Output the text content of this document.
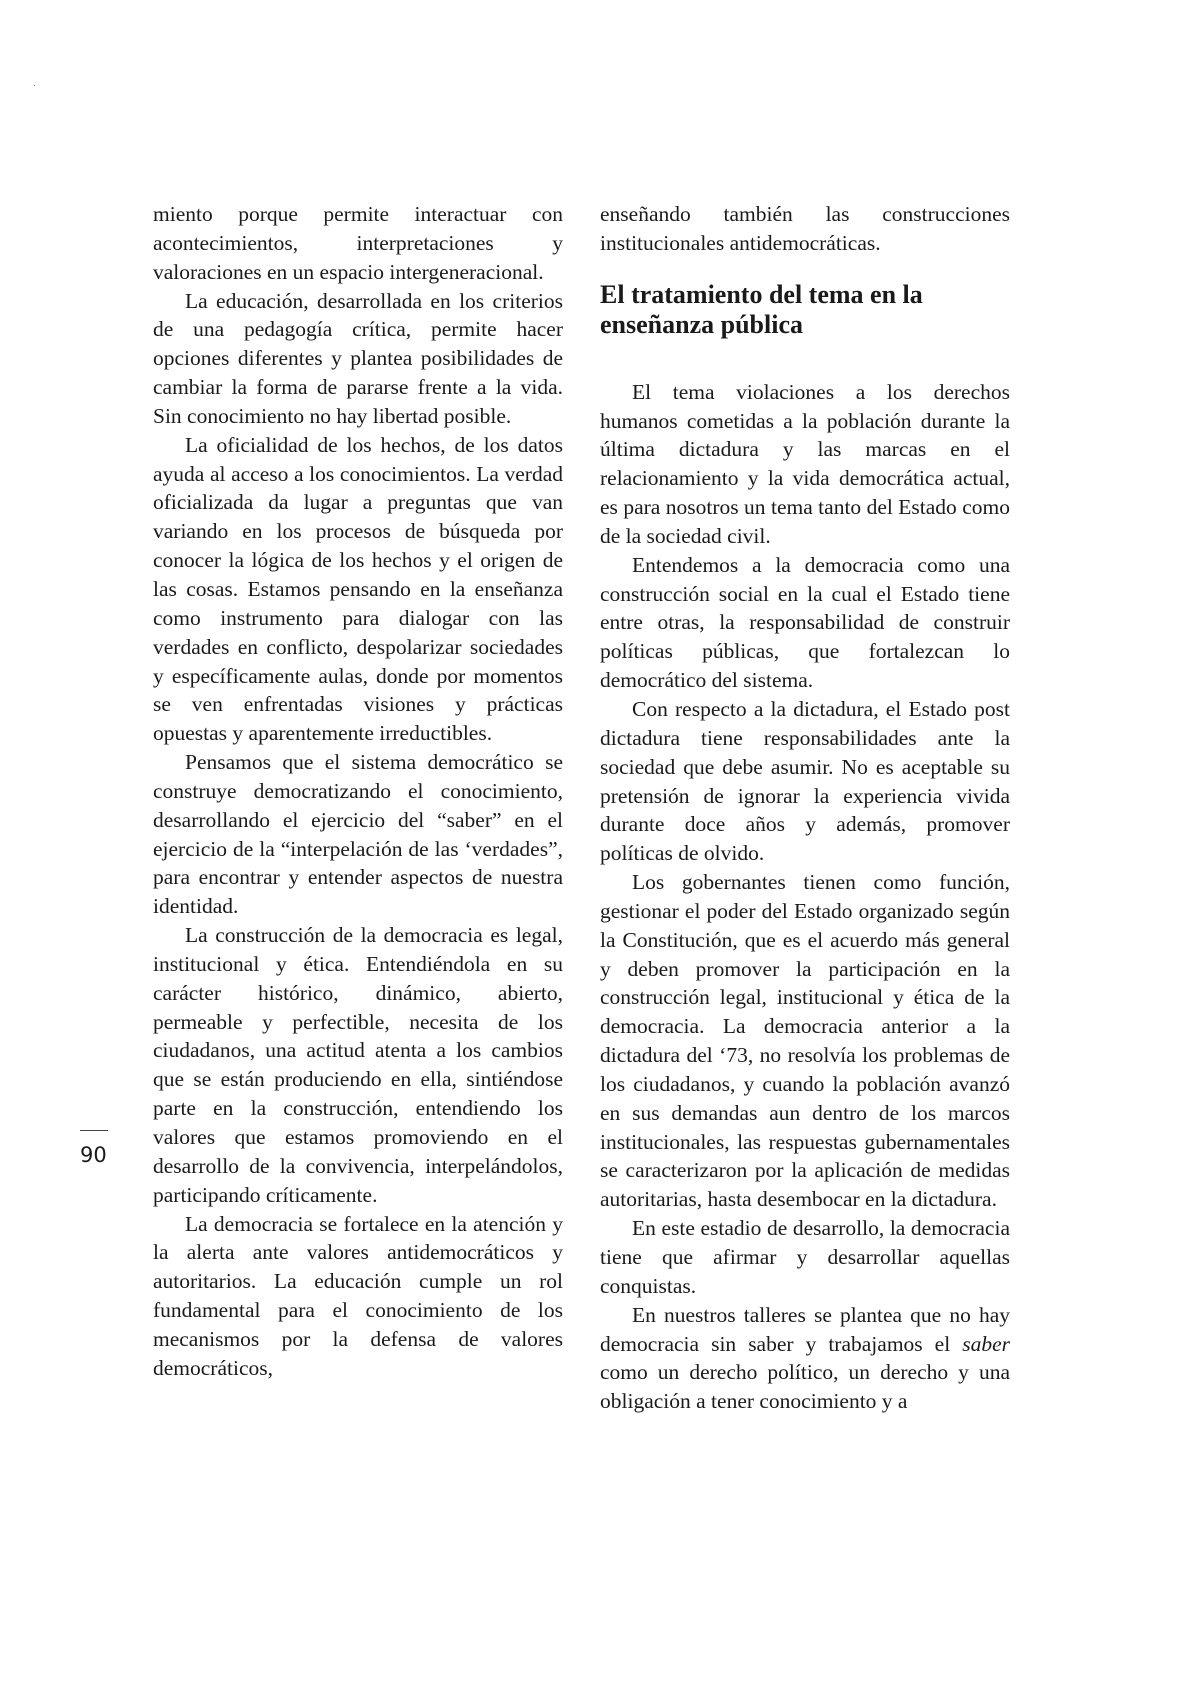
miento porque permite interactuar con acontecimientos, interpretaciones y valoraciones en un espacio intergeneracional.

La educación, desarrollada en los criterios de una pedagogía crítica, permite hacer opciones diferentes y plantea posibilidades de cambiar la forma de pararse frente a la vida. Sin conocimiento no hay libertad posible.

La oficialidad de los hechos, de los datos ayuda al acceso a los conocimientos. La verdad oficializada da lugar a preguntas que van variando en los procesos de búsqueda por conocer la lógica de los hechos y el origen de las cosas. Estamos pensando en la enseñanza como instrumento para dialogar con las verdades en conflicto, despolarizar sociedades y específicamente aulas, donde por momentos se ven enfrentadas visiones y prácticas opuestas y aparentemente irreductibles.

Pensamos que el sistema democrático se construye democratizando el conocimiento, desarrollando el ejercicio del “saber” en el ejercicio de la “interpelación de las ‘verdades”, para encontrar y entender aspectos de nuestra identidad.

La construcción de la democracia es legal, institucional y ética. Entendiéndola en su carácter histórico, dinámico, abierto, permeable y perfectible, necesita de los ciudadanos, una actitud atenta a los cambios que se están produciendo en ella, sintiéndose parte en la construcción, entendiendo los valores que estamos promoviendo en el desarrollo de la convivencia, interpelándolos, participando críticamente.

La democracia se fortalece en la atención y la alerta ante valores antidemocráticos y autoritarios. La educación cumple un rol fundamental para el conocimiento de los mecanismos por la defensa de valores democráticos,

enseñando también las construcciones institucionales antidemocráticas.

El tratamiento del tema en la enseñanza pública

El tema violaciones a los derechos humanos cometidas a la población durante la última dictadura y las marcas en el relacionamiento y la vida democrática actual, es para nosotros un tema tanto del Estado como de la sociedad civil.

Entendemos a la democracia como una construcción social en la cual el Estado tiene entre otras, la responsabilidad de construir políticas públicas, que fortalezcan lo democrático del sistema.

Con respecto a la dictadura, el Estado post dictadura tiene responsabilidades ante la sociedad que debe asumir. No es aceptable su pretensión de ignorar la experiencia vivida durante doce años y además, promover políticas de olvido.

Los gobernantes tienen como función, gestionar el poder del Estado organizado según la Constitución, que es el acuerdo más general y deben promover la participación en la construcción legal, institucional y ética de la democracia. La democracia anterior a la dictadura del ‘73, no resolvía los problemas de los ciudadanos, y cuando la población avanzó en sus demandas aun dentro de los marcos institucionales, las respuestas gubernamentales se caracterizaron por la aplicación de medidas autoritarias, hasta desembocar en la dictadura.

En este estadio de desarrollo, la democracia tiene que afirmar y desarrollar aquellas conquistas.

En nuestros talleres se plantea que no hay democracia sin saber y trabajamos el saber como un derecho político, un derecho y una obligación a tener conocimiento y a

90
